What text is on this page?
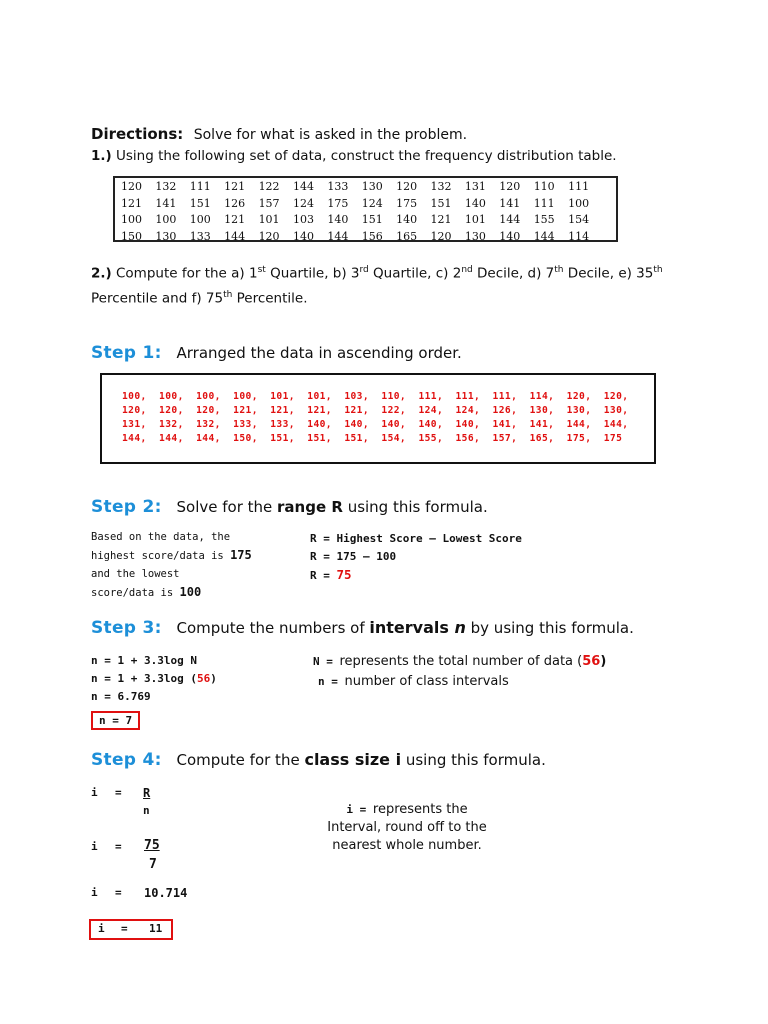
Directions: Solve for what is asked in the problem.
1.) Using the following set of data, construct the frequency distribution table.
120	132	111	121	122	144	133	130	120	132	131	120	110	111
121	141	151	126	157	124	175	124	175	151	140	141	111	100
100	100	100	121	101	103	140	151	140	121	101	144	155	154
150	130	133	144	120	140	144	156	165	120	130	140	144	114
2.) Compute for the a) 1st Quartile, b) 3rd Quartile, c) 2nd Decile, d) 7th Decile, e) 35th
Percentile and f) 75th Percentile.
Step 1: Arranged the data in ascending order.
100,  100,  100,  100,  101,  101,  103,  110,  111,  111,  111,  114,  120,  120,
120,  120,  120,  121,  121,  121,  121,  122,  124,  124,  126,  130,  130,  130,
131,  132,  132,  133,  133,  140,  140,  140,  140,  140,  141,  141,  144,  144,
144,  144,  144,  150,  151,  151,  151,  154,  155,  156,  157,  165,  175,  175
Step 2: Solve for the range R using this formula.
Based on the data, the
highest score/data is 175
and the lowest
score/data is 100
R = Highest Score — Lowest Score
R = 175 — 100
R = 75
Step 3: Compute the numbers of intervals n by using this formula.
n = 1 + 3.3log N
n = 1 + 3.3log (56)
n = 6.769
n = 7
N = represents the total number of data (56)
n = number of class intervals
Step 4: Compute for the class size i using this formula.
i = R
n
i = 75
7
i = 10.714
i = 11
i = represents the
Interval, round off to the
nearest whole number.
